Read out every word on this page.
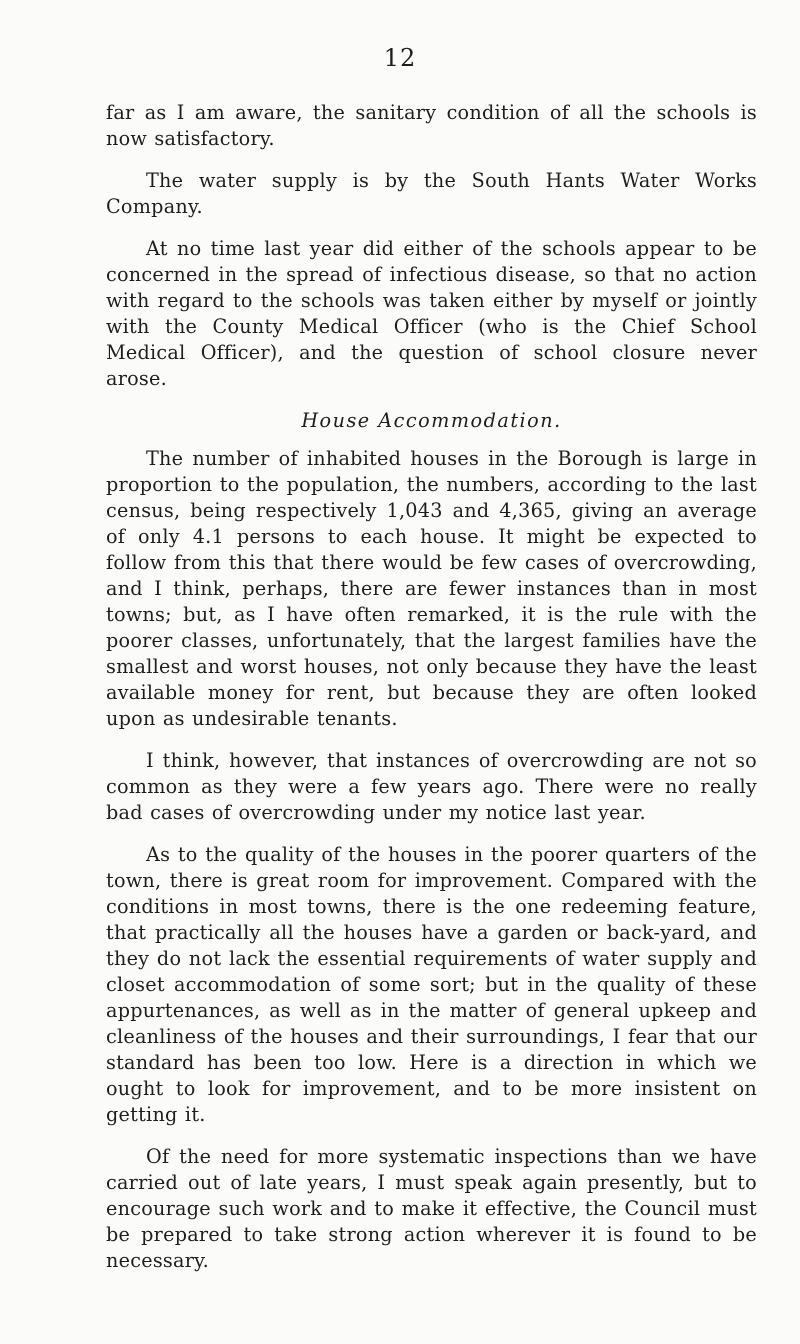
12

far as I am aware, the sanitary condition of all the schools is now satisfactory.

The water supply is by the South Hants Water Works Company.

At no time last year did either of the schools appear to be concerned in the spread of infectious disease, so that no action with regard to the schools was taken either by myself or jointly with the County Medical Officer (who is the Chief School Medical Officer), and the question of school closure never arose.

House Accommodation.

The number of inhabited houses in the Borough is large in proportion to the population, the numbers, according to the last census, being respectively 1,043 and 4,365, giving an average of only 4.1 persons to each house. It might be expected to follow from this that there would be few cases of overcrowding, and I think, perhaps, there are fewer instances than in most towns; but, as I have often remarked, it is the rule with the poorer classes, unfortunately, that the largest families have the smallest and worst houses, not only because they have the least available money for rent, but because they are often looked upon as undesirable tenants.

I think, however, that instances of overcrowding are not so common as they were a few years ago. There were no really bad cases of overcrowding under my notice last year.

As to the quality of the houses in the poorer quarters of the town, there is great room for improvement. Compared with the conditions in most towns, there is the one redeeming feature, that practically all the houses have a garden or back-yard, and they do not lack the essential requirements of water supply and closet accommodation of some sort; but in the quality of these appurtenances, as well as in the matter of general upkeep and cleanliness of the houses and their surroundings, I fear that our standard has been too low. Here is a direction in which we ought to look for improvement, and to be more insistent on getting it.

Of the need for more systematic inspections than we have carried out of late years, I must speak again presently, but to encourage such work and to make it effective, the Council must be prepared to take strong action wherever it is found to be necessary.
